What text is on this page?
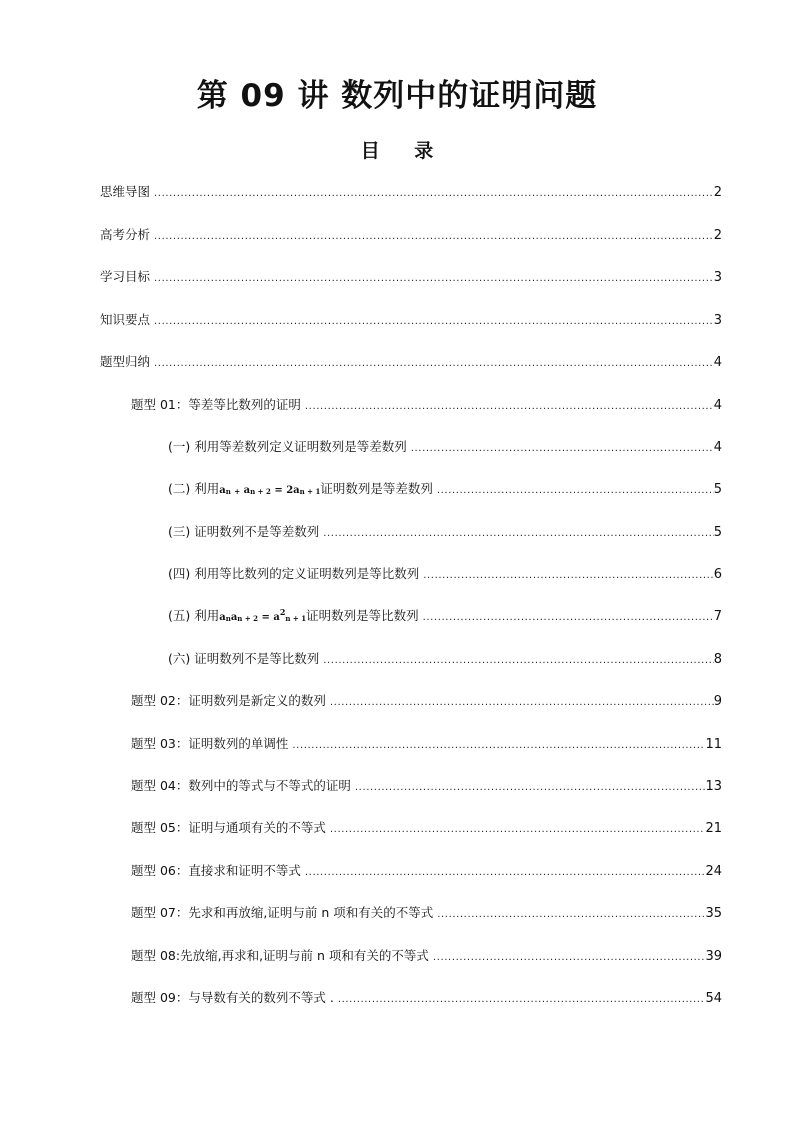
第 09 讲 数列中的证明问题
目 录
思维导图 .....	2
高考分析 .....	2
学习目标 .....	3
知识要点 .....	3
题型归纳 .....	4
题型 01：等差等比数列的证明 .....	4
(一) 利用等差数列定义证明数列是等差数列 .....	4
(二) 利用an + an + 2 = 2an + 1证明数列是等差数列 .....	5
(三) 证明数列不是等差数列 .....	5
(四) 利用等比数列的定义证明数列是等比数列 .....	6
(五) 利用anan + $2 = a^2n + 1$证明数列是等比数列 .....	7
(六) 证明数列不是等比数列 .....	8
题型 02：证明数列是新定义的数列 .....	9
题型 03：证明数列的单调性 .....	11
题型 04：数列中的等式与不等式的证明 .....	13
题型 05：证明与通项有关的不等式 .....	21
题型 06：直接求和证明不等式 .....	24
题型 07：先求和再放缩,证明与前 n 项和有关的不等式 .....	35
题型 08:先放缩,再求和,证明与前 n 项和有关的不等式 .....	39
题型 09：与导数有关的数列不等式 . .....	54
